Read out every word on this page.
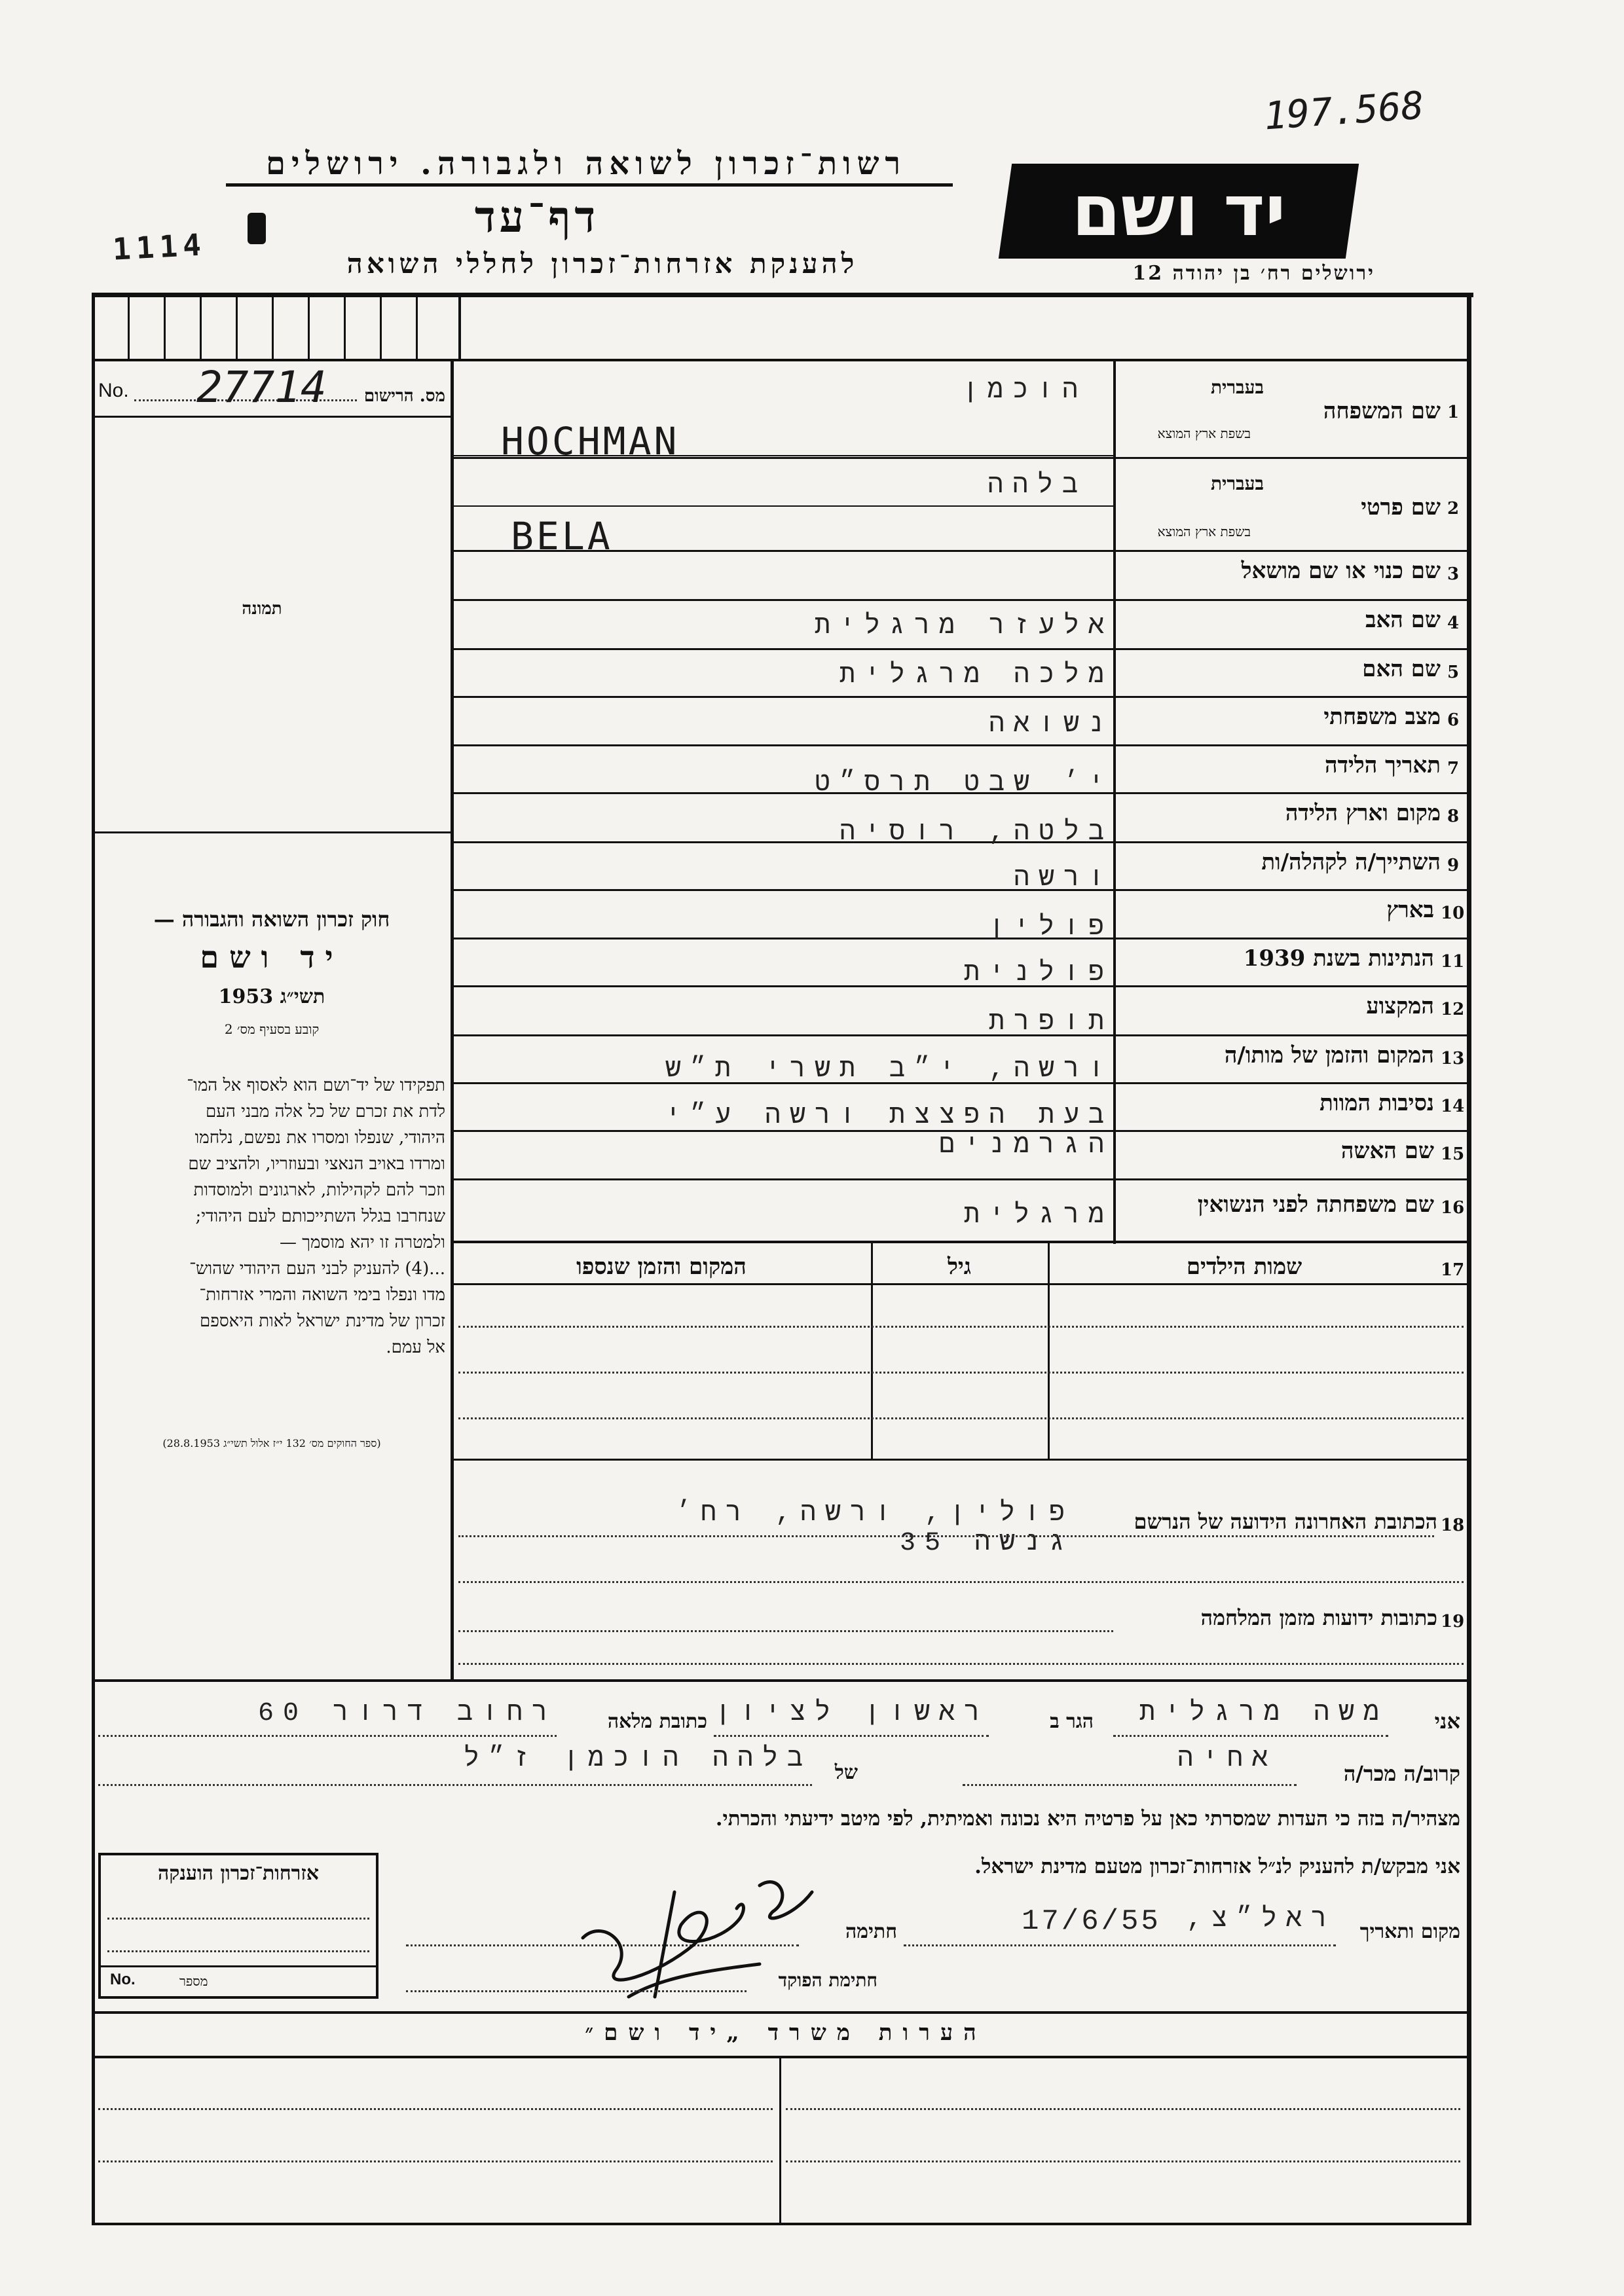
197.568
רשות־זכרון לשואה ולגבורה. ירושלים
דף־עד
להענקת אזרחות־זכרון לחללי השואה
1114	יד ושם
ירושלים רח׳ בן יהודה 12
No. 27714	מס. הרישום
תמונה
חוק זכרון השואה והגבורה —
יד ושם
תשי״ג 1953
קובע בסעיף מס׳ 2
תפקידו של יד־ושם הוא לאסוף אל המו־
לדת את זכרם של כל אלה מבני העם
היהודי, שנפלו ומסרו את נפשם, נלחמו
ומרדו באויב הנאצי ובעוזריו, ולהציב שם
וזכר להם לקהילות, לארגונים ולמוסדות
שנחרבו בגלל השתייכותם לעם היהודי;
ולמטרה זו יהא מוסמך —
...(4) להעניק לבני העם היהודי שהוש־
מדו ונפלו בימי השואה והמרי אזרחות־
זכרון של מדינת ישראל לאות היאספם
אל עמם.
(ספר החוקים מס׳ 132 י״ז אלול תשי״ג 28.8.1953)
1
שם המשפחה
בעברית
בשפת ארץ המוצא
הוכמן
HOCHMAN
2
שם פרטי
בעברית
בשפת ארץ המוצא
בלהה
BELA
3
שם כנוי או שם מושאל
4
שם האב
אלעזר מרגלית
5
שם האם
מלכה מרגלית
6
מצב משפחתי
נשואה
7
תאריך הלידה
י׳ שבט תרס״ט
8
מקום וארץ הלידה
בלטה, רוסיה
9
השתייך/ה לקהלה/ות
ורשה
10
בארץ
פולין
11
הנתינות בשנת 1939
פולנית
12
המקצוע
תופרת
13
המקום והזמן של מותו/ה
ורשה, י״ב תשרי ת״ש
14
נסיבות המוות
בעת הפצצת ורשה ע״י הגרמנים	15
שם האשה
16
שם משפחתה לפני הנשואין
מרגלית
17
שמות הילדים
גיל
המקום והזמן שנספו
18
הכתובת האחרונה הידועה של הנרשם
פולין, ורשה, רח׳ גנשה 35
19
כתובות ידועות מזמן המלחמה
אני
משה מרגלית
הגר ב
ראשון לציון
כתובת מלאה
רחוב דרור 60
קרוב/ה מכר/ה
אחיה
של
בלהה הוכמן ז״ל
מצהיר/ה בזה כי העדות שמסרתי כאן על פרטיה היא נכונה ואמיתית, לפי מיטב ידיעתי והכרתי.
אני מבקש/ת להעניק לנ״ל אזרחות־זכרון מטעם מדינת ישראל.
מקום ותאריך
ראל״צ,
17/6/55
חתימה
חתימת הפוקד
אזרחות־זכרון הוענקה
No.	מספר
הערות משרד „יד ושם״
